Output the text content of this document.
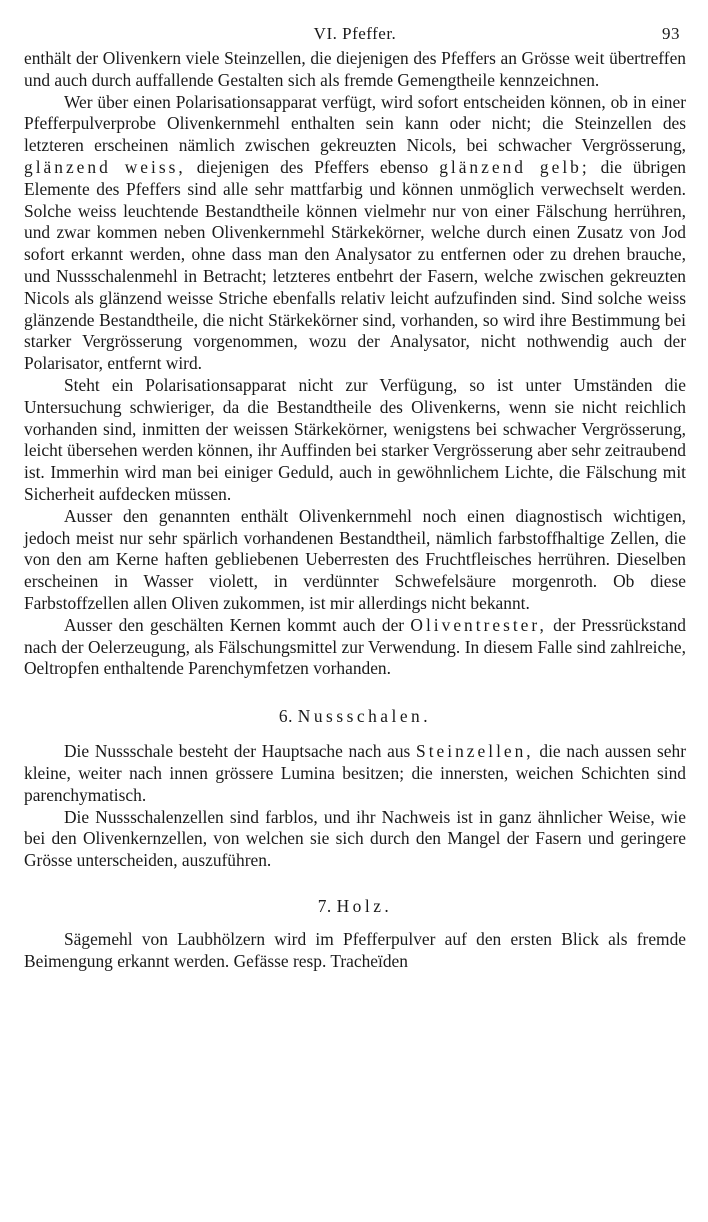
VI. Pfeffer.	93

enthält der Olivenkern viele Steinzellen, die diejenigen des Pfeffers an Grösse weit übertreffen und auch durch auffallende Gestalten sich als fremde Gemengtheile kennzeichnen.

Wer über einen Polarisationsapparat verfügt, wird sofort entscheiden können, ob in einer Pfefferpulverprobe Olivenkernmehl enthalten sein kann oder nicht; die Steinzellen des letzteren erscheinen nämlich zwischen gekreuzten Nicols, bei schwacher Vergrösserung, glänzend weiss, diejenigen des Pfeffers ebenso glänzend gelb; die übrigen Elemente des Pfeffers sind alle sehr mattfarbig und können unmöglich verwechselt werden. Solche weiss leuchtende Bestandtheile können vielmehr nur von einer Fälschung herrühren, und zwar kommen neben Olivenkernmehl Stärkekörner, welche durch einen Zusatz von Jod sofort erkannt werden, ohne dass man den Analysator zu entfernen oder zu drehen brauche, und Nussschalenmehl in Betracht; letzteres entbehrt der Fasern, welche zwischen gekreuzten Nicols als glänzend weisse Striche ebenfalls relativ leicht aufzufinden sind. Sind solche weiss glänzende Bestandtheile, die nicht Stärkekörner sind, vorhanden, so wird ihre Bestimmung bei starker Vergrösserung vorgenommen, wozu der Analysator, nicht nothwendig auch der Polarisator, entfernt wird.

Steht ein Polarisationsapparat nicht zur Verfügung, so ist unter Umständen die Untersuchung schwieriger, da die Bestandtheile des Olivenkerns, wenn sie nicht reichlich vorhanden sind, inmitten der weissen Stärkekörner, wenigstens bei schwacher Vergrösserung, leicht übersehen werden können, ihr Auffinden bei starker Vergrösserung aber sehr zeitraubend ist. Immerhin wird man bei einiger Geduld, auch in gewöhnlichem Lichte, die Fälschung mit Sicherheit aufdecken müssen.

Ausser den genannten enthält Olivenkernmehl noch einen diagnostisch wichtigen, jedoch meist nur sehr spärlich vorhandenen Bestandtheil, nämlich farbstoffhaltige Zellen, die von den am Kerne haften gebliebenen Ueberresten des Fruchtfleisches herrühren. Dieselben erscheinen in Wasser violett, in verdünnter Schwefelsäure morgenroth. Ob diese Farbstoffzellen allen Oliven zukommen, ist mir allerdings nicht bekannt.

Ausser den geschälten Kernen kommt auch der Oliventrester, der Pressrückstand nach der Oelerzeugung, als Fälschungsmittel zur Verwendung. In diesem Falle sind zahlreiche, Oeltropfen enthaltende Parenchymfetzen vorhanden.

6. Nussschalen.

Die Nussschale besteht der Hauptsache nach aus Steinzellen, die nach aussen sehr kleine, weiter nach innen grössere Lumina besitzen; die innersten, weichen Schichten sind parenchymatisch.

Die Nussschalenzellen sind farblos, und ihr Nachweis ist in ganz ähnlicher Weise, wie bei den Olivenkernzellen, von welchen sie sich durch den Mangel der Fasern und geringere Grösse unterscheiden, auszuführen.

7. Holz.

Sägemehl von Laubhölzern wird im Pfefferpulver auf den ersten Blick als fremde Beimengung erkannt werden. Gefässe resp. Tracheïden
